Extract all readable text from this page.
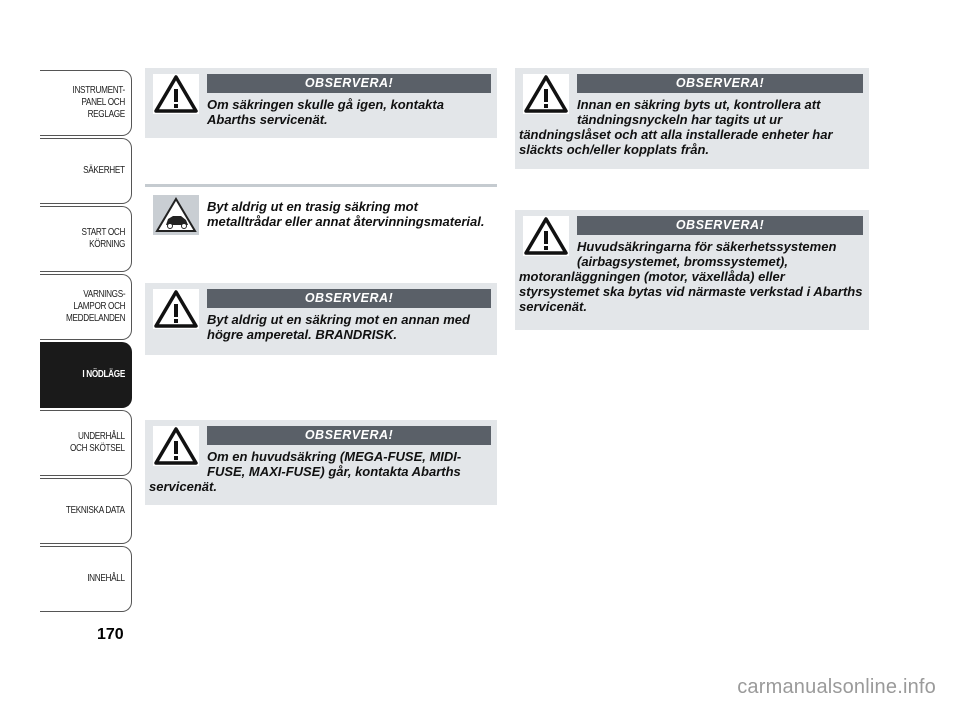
INSTRUMENT-
PANEL OCH
REGLAGE
SÄKERHET
START OCH
KÖRNING
VARNINGS-
LAMPOR OCH
MEDDELANDEN
I NÖDLÄGE
UNDERHÅLL
OCH SKÖTSEL
TEKNISKA DATA
INNEHÅLL
170
OBSERVERA!
Om säkringen skulle gå igen, kontakta Abarths servicenät.
Byt aldrig ut en trasig säkring mot metalltrådar eller annat återvinningsmaterial.
OBSERVERA!
Byt aldrig ut en säkring mot en annan med högre amperetal. BRANDRISK.
OBSERVERA!
Om en huvudsäkring (MEGA-FUSE, MIDI-FUSE, MAXI-FUSE) går, kontakta Abarths servicenät.
OBSERVERA!
Innan en säkring byts ut, kontrollera att tändningsnyckeln har tagits ut ur tändningslåset och att alla installerade enheter har släckts och/eller kopplats från.
OBSERVERA!
Huvudsäkringarna för säkerhetssystemen (airbagsystemet, bromssystemet), motoranläggningen (motor, växellåda) eller styrsystemet ska bytas vid närmaste verkstad i Abarths servicenät.
carmanualsonline.info
